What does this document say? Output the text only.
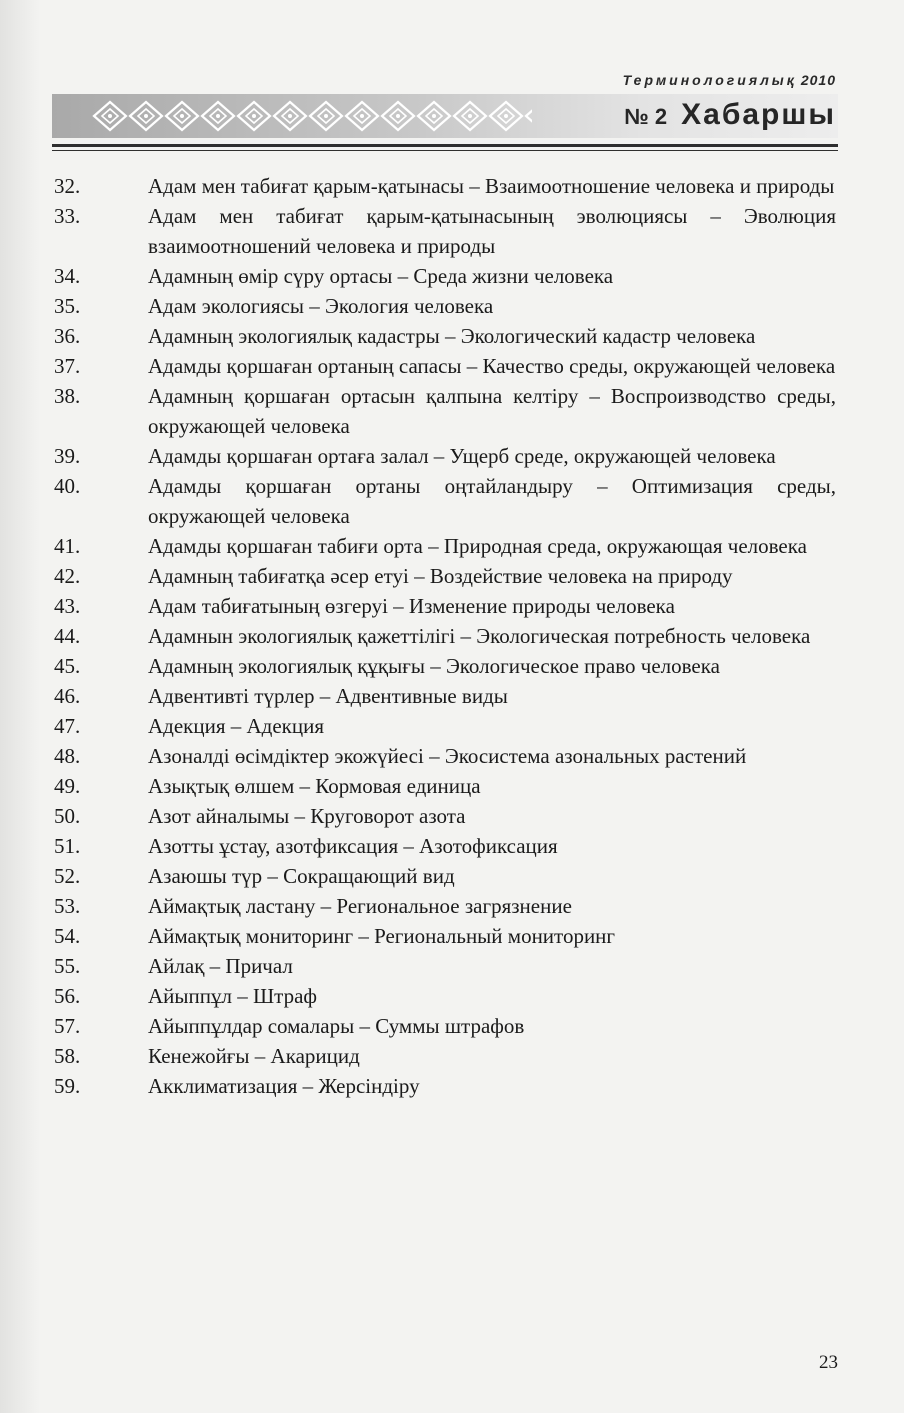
Терминологиялық 2010
№ 2 Хабаршы
32.	Адам мен табиғат қарым-қатынасы – Взаимоотношение человека и природы
33.	Адам мен табиғат қарым-қатынасының эволюциясы – Эволюция взаимоотношений человека и природы
34.	Адамның өмір сүру ортасы – Среда жизни человека
35.	Адам экологиясы – Экология человека
36.	Адамның экологиялық кадастры – Экологический кадастр человека
37.	Адамды қоршаған ортаның сапасы – Качество среды, окружающей человека
38.	Адамның қоршаған ортасын қалпына келтіру – Воспроизводство среды, окружающей человека
39.	Адамды қоршаған ортаға залал – Ущерб среде, окружающей человека
40.	Адамды қоршаған ортаны оңтайландыру – Оптимизация среды, окружающей человека
41.	Адамды қоршаған табиғи орта – Природная среда, окружающая человека
42.	Адамның табиғатқа әсер етуі – Воздействие человека на природу
43.	Адам табиғатының өзгеруі – Изменение природы человека
44.	Адамнын экологиялық қажеттілігі – Экологическая потребность человека
45.	Адамның экологиялық құқығы – Экологическое право человека
46.	Адвентивті түрлер – Адвентивные виды
47.	Адекция – Адекция
48.	Азоналді өсімдіктер экожүйесі – Экосистема азональных растений
49.	Азықтық өлшем – Кормовая единица
50.	Азот айналымы – Круговорот азота
51.	Азотты ұстау, азотфиксация – Азотофиксация
52.	Азаюшы түр – Сокращающий вид
53.	Аймақтық ластану – Региональное загрязнение
54.	Аймақтық мониторинг – Региональный мониторинг
55.	Айлақ – Причал
56.	Айыппұл – Штраф
57.	Айыппұлдар сомалары – Суммы штрафов
58.	Кенежойғы – Акарицид
59.	Акклиматизация – Жерсіндіру
23
